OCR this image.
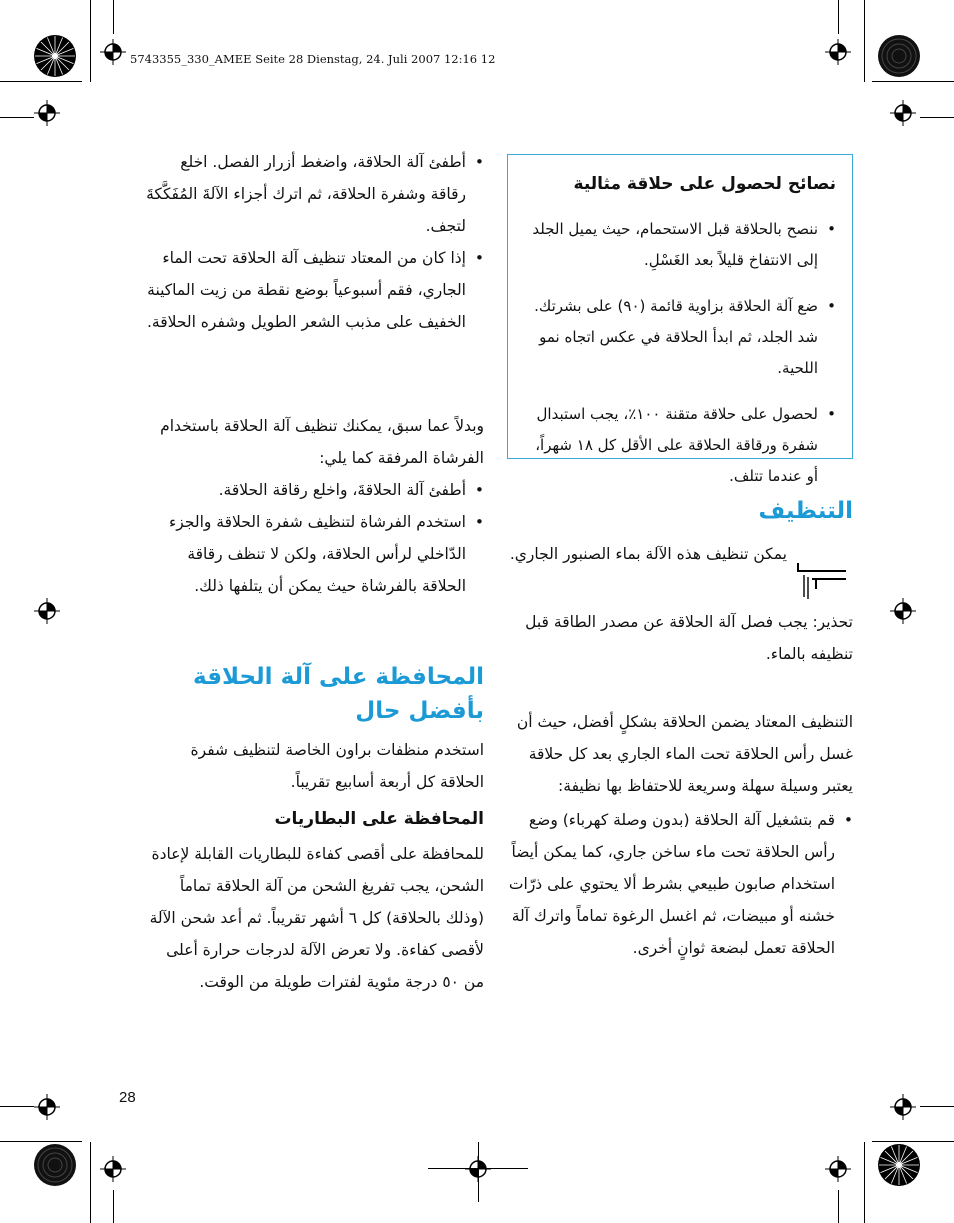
5743355_330_AMEE Seite 28 Dienstag, 24. Juli 2007 12:16 12

نصائح لحصول على حلاقة مثالية

• ننصح بالحلاقة قبل الاستحمام، حيث يميل الجلد إلى الانتفاخ قليلاً بعد الغَسْلِ.

• ضع آلة الحلاقة بزاوية قائمة (٩٠) على بشرتك. شد الجلد، ثم ابدأ الحلاقة في عكس اتجاه نمو اللحية.

• لحصول على حلاقة متقنة ١٠٠٪، يجب استبدال شفرة ورقاقة الحلاقة على الأقل كل ١٨ شهراً، أو عندما تتلف.

التنظيف

يمكن تنظيف هذه الآلة بماء الصنبور الجاري.

تحذير: يجب فصل آلة الحلاقة عن مصدر الطاقة قبل تنظيفه بالماء.

التنظيف المعتاد يضمن الحلاقة بشكلٍ أفضل، حيث أن غسل رأس الحلاقة تحت الماء الجاري بعد كل حلاقة يعتبر وسيلة سهلة وسريعة للاحتفاظ بها نظيفة:

• قم بتشغيل آلة الحلاقة (بدون وصلة كهرباء) وضع رأس الحلاقة تحت ماء ساخن جاري، كما يمكن أيضاً استخدام صابون طبيعي بشرط ألا يحتوي على ذرّات خشنه أو مبيضات، ثم اغسل الرغوة تماماً واترك آلة الحلاقة تعمل لبضعة ثوانٍ أخرى.

• أطفئ آلة الحلاقة، واضغط أزرار الفصل. اخلع رقاقة وشفرة الحلاقة، ثم اترك أجزاء الآلةَ المُفَكَّكةَ لتجف.

• إذا كان من المعتاد تنظيف آلة الحلاقة تحت الماء الجاري، فقم أسبوعياً بوضع نقطة من زيت الماكينة الخفيف على مذبب الشعر الطويل وشفره الحلاقة.

وبدلاً عما سبق، يمكنك تنظيف آلة الحلاقة باستخدام الفرشاة المرفقة كما يلي:

• أطفئ آلة الحلاقةَ، واخلع رقاقة الحلاقة.

• استخدم الفرشاة لتنظيف شفرة الحلاقة والجزء الدّاخلي لرأس الحلاقة، ولكن لا تنظف رقاقة الحلاقة بالفرشاة حيث يمكن أن يتلفها ذلك.

المحافظة على آلة الحلاقة بأفضل حال

استخدم منظفات براون الخاصة لتنظيف شفرة الحلاقة كل أربعة أسابيع تقريباً.

المحافظة على البطاريات

للمحافظة على أقصى كفاءة للبطاريات القابلة لإعادة الشحن، يجب تفريغ الشحن من آلة الحلاقة تماماً (وذلك بالحلاقة) كل ٦ أشهر تقريباً. ثم أعد شحن الآلة لأقصى كفاءة. ولا تعرض الآلة لدرجات حرارة أعلى من ٥٠ درجة مئوية لفترات طويلة من الوقت.

28
